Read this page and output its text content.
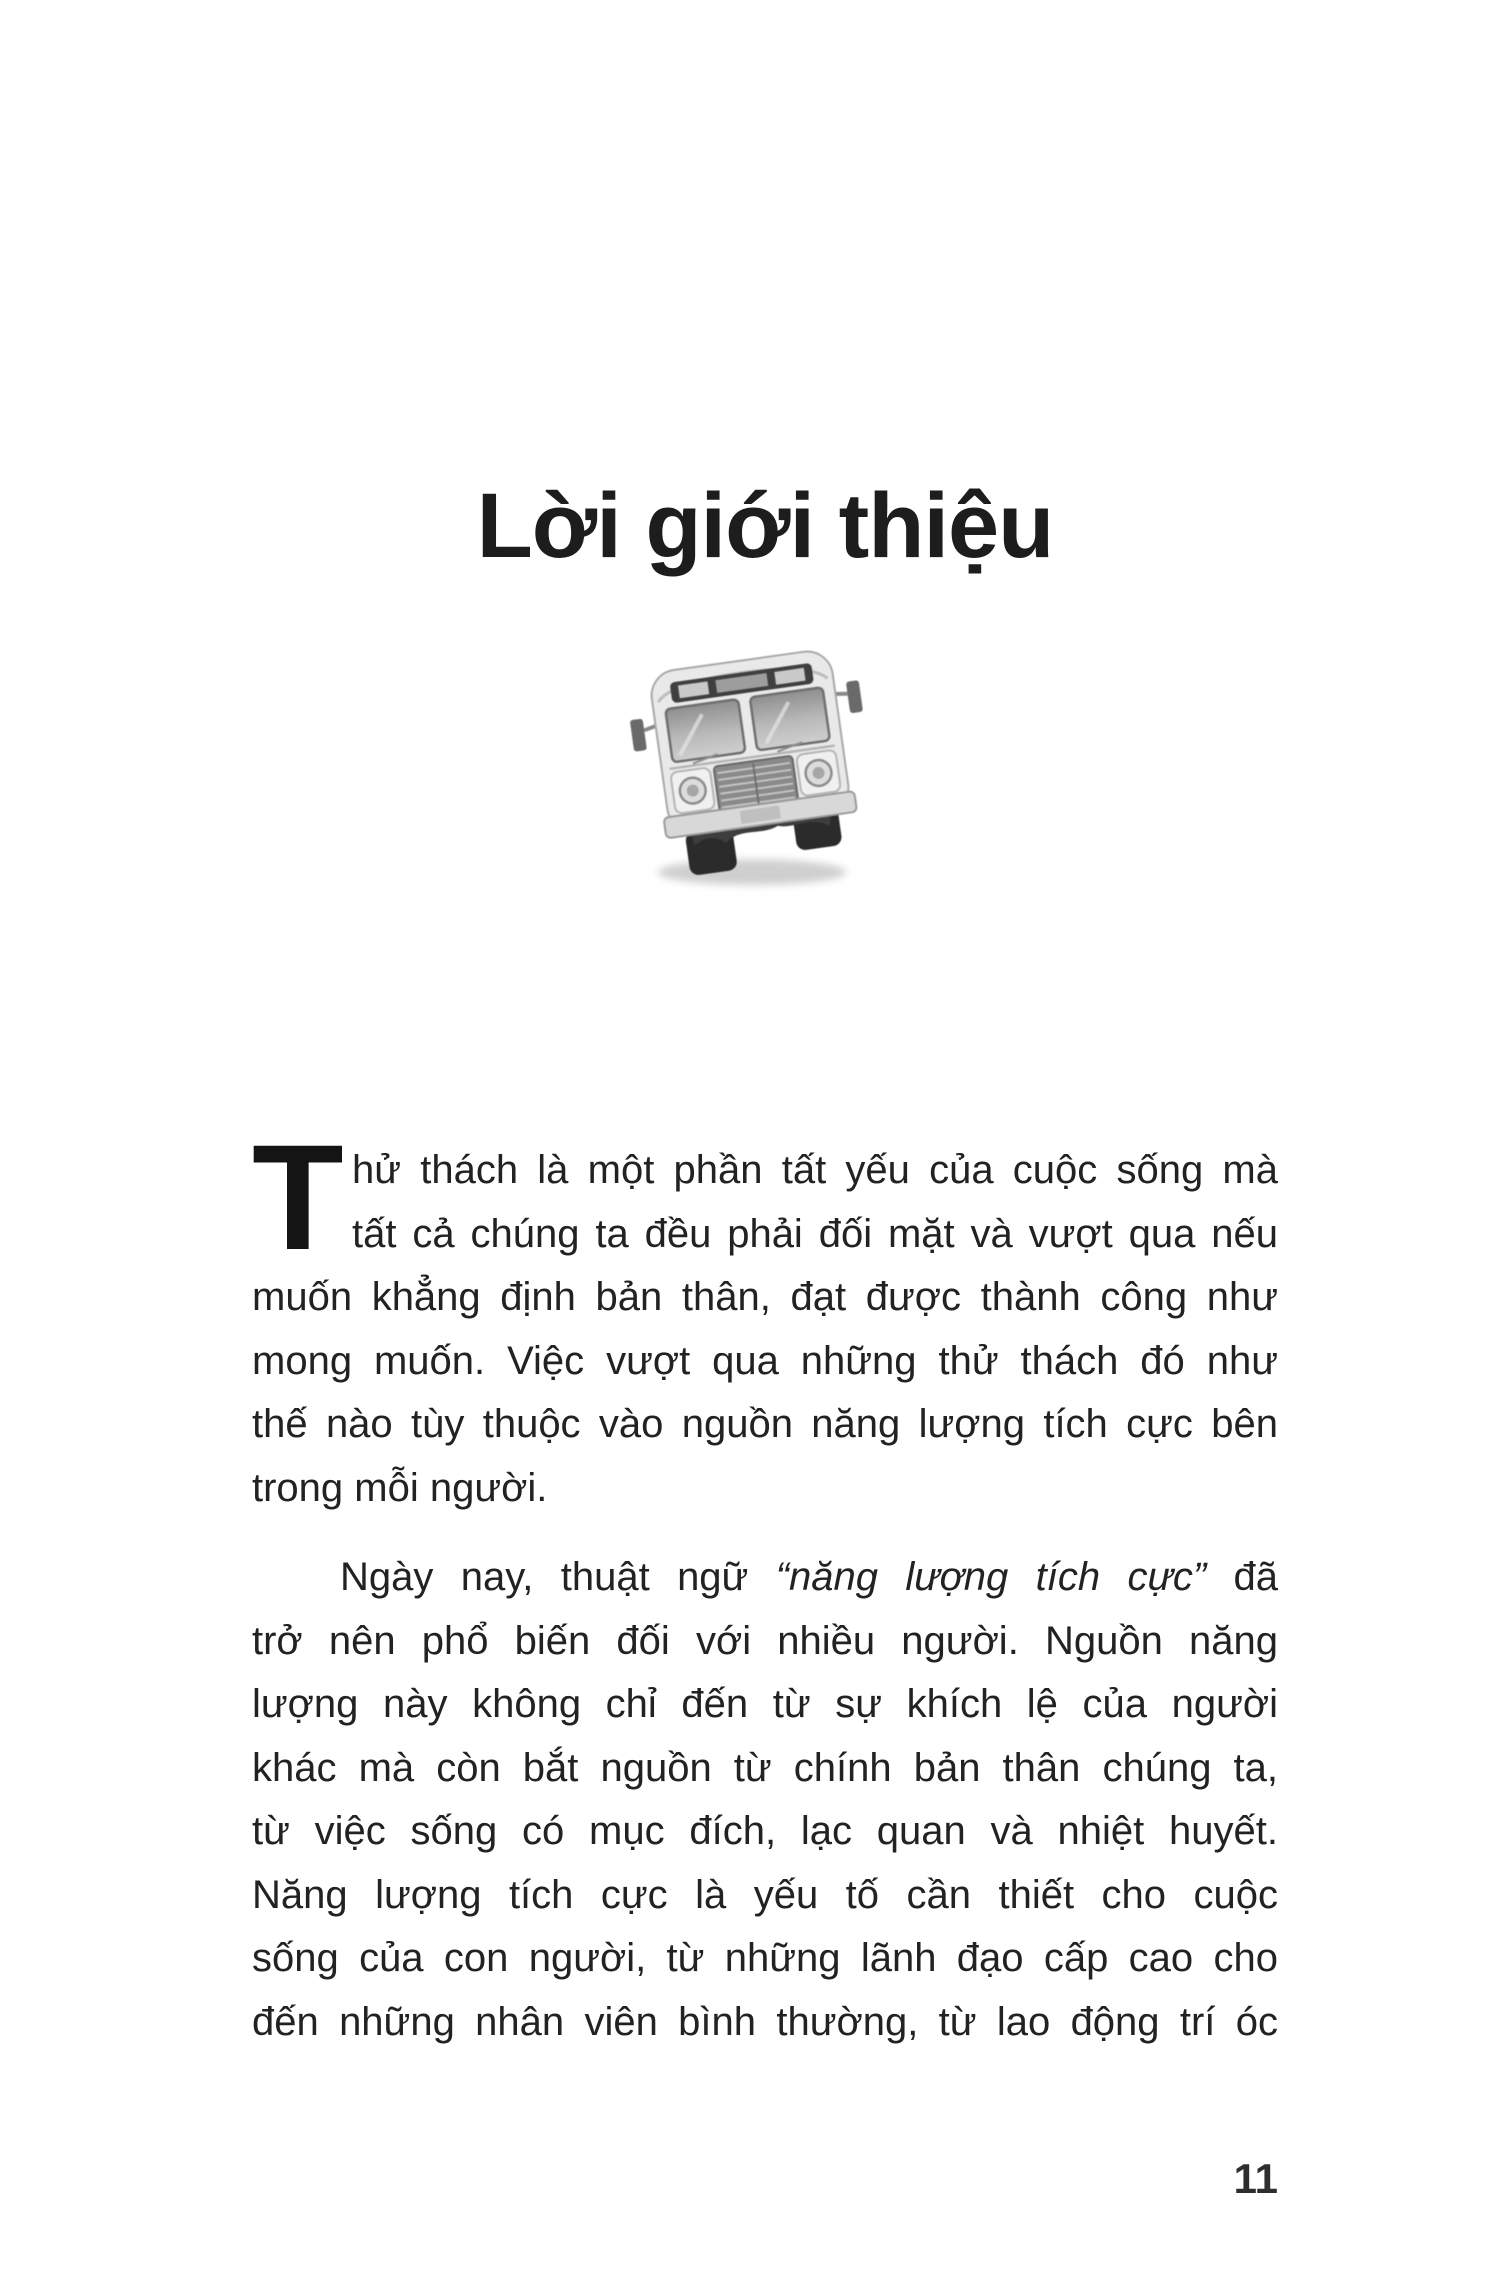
Lời giới thiệu
T hử thách là một phần tất yếu của cuộc sống mà
tất cả chúng ta đều phải đối mặt và vượt qua nếu
muốn khẳng định bản thân, đạt được thành công như
mong muốn. Việc vượt qua những thử thách đó như
thế nào tùy thuộc vào nguồn năng lượng tích cực bên
trong mỗi người.
Ngày nay, thuật ngữ “năng lượng tích cực” đã
trở nên phổ biến đối với nhiều người. Nguồn năng
lượng này không chỉ đến từ sự khích lệ của người
khác mà còn bắt nguồn từ chính bản thân chúng ta,
từ việc sống có mục đích, lạc quan và nhiệt huyết.
Năng lượng tích cực là yếu tố cần thiết cho cuộc
sống của con người, từ những lãnh đạo cấp cao cho
đến những nhân viên bình thường, từ lao động trí óc
11
